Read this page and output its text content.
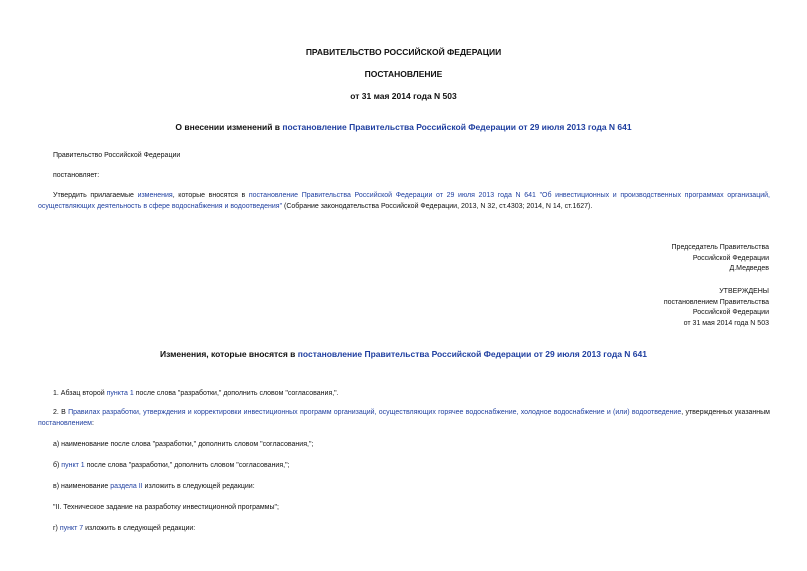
ПРАВИТЕЛЬСТВО РОССИЙСКОЙ ФЕДЕРАЦИИ
ПОСТАНОВЛЕНИЕ
от 31 мая 2014 года N 503
О внесении изменений в постановление Правительства Российской Федерации от 29 июля 2013 года N 641
Правительство Российской Федерации
постановляет:
Утвердить прилагаемые изменения, которые вносятся в постановление Правительства Российской Федерации от 29 июля 2013 года N 641 "Об инвестиционных и производственных программах организаций, осуществляющих деятельность в сфере водоснабжения и водоотведения" (Собрание законодательства Российской Федерации, 2013, N 32, ст.4303; 2014, N 14, ст.1627).
Председатель Правительства
Российской Федерации
Д.Медведев
УТВЕРЖДЕНЫ
постановлением Правительства
Российской Федерации
от 31 мая 2014 года N 503
Изменения, которые вносятся в постановление Правительства Российской Федерации от 29 июля 2013 года N 641
1. Абзац второй пункта 1 после слова "разработки," дополнить словом "согласования,".
2. В Правилах разработки, утверждения и корректировки инвестиционных программ организаций, осуществляющих горячее водоснабжение, холодное водоснабжение и (или) водоотведение, утвержденных указанным постановлением:
а) наименование после слова "разработки," дополнить словом "согласования,";
б) пункт 1 после слова "разработки," дополнить словом "согласования,";
в) наименование раздела II изложить в следующей редакции:
"II. Техническое задание на разработку инвестиционной программы";
г) пункт 7 изложить в следующей редакции:
